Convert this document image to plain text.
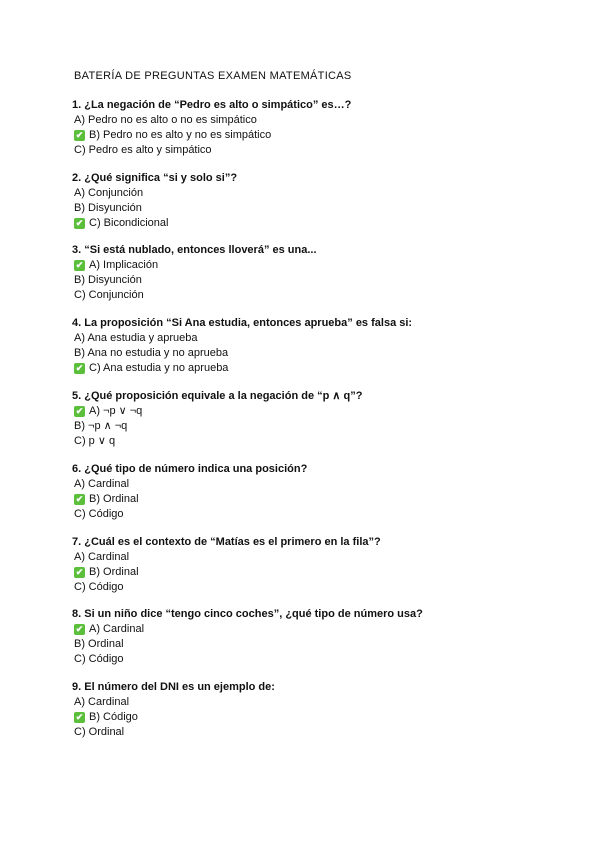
BATERÍA DE PREGUNTAS EXAMEN MATEMÁTICAS
1. ¿La negación de “Pedro es alto o simpático” es…?
A) Pedro no es alto o no es simpático
✔ B) Pedro no es alto y no es simpático
C) Pedro es alto y simpático
2. ¿Qué significa “si y solo si”?
A) Conjunción
B) Disyunción
✔ C) Bicondicional
3. “Si está nublado, entonces lloverá” es una...
✔ A) Implicación
B) Disyunción
C) Conjunción
4. La proposición “Si Ana estudia, entonces aprueba” es falsa si:
A) Ana estudia y aprueba
B) Ana no estudia y no aprueba
✔ C) Ana estudia y no aprueba
5. ¿Qué proposición equivale a la negación de “p ∧ q”?
✔ A) ¬p ∨ ¬q
B) ¬p ∧ ¬q
C) p ∨ q
6. ¿Qué tipo de número indica una posición?
A) Cardinal
✔ B) Ordinal
C) Código
7. ¿Cuál es el contexto de “Matías es el primero en la fila”?
A) Cardinal
✔ B) Ordinal
C) Código
8. Si un niño dice “tengo cinco coches”, ¿qué tipo de número usa?
✔ A) Cardinal
B) Ordinal
C) Código
9. El número del DNI es un ejemplo de:
A) Cardinal
✔ B) Código
C) Ordinal
